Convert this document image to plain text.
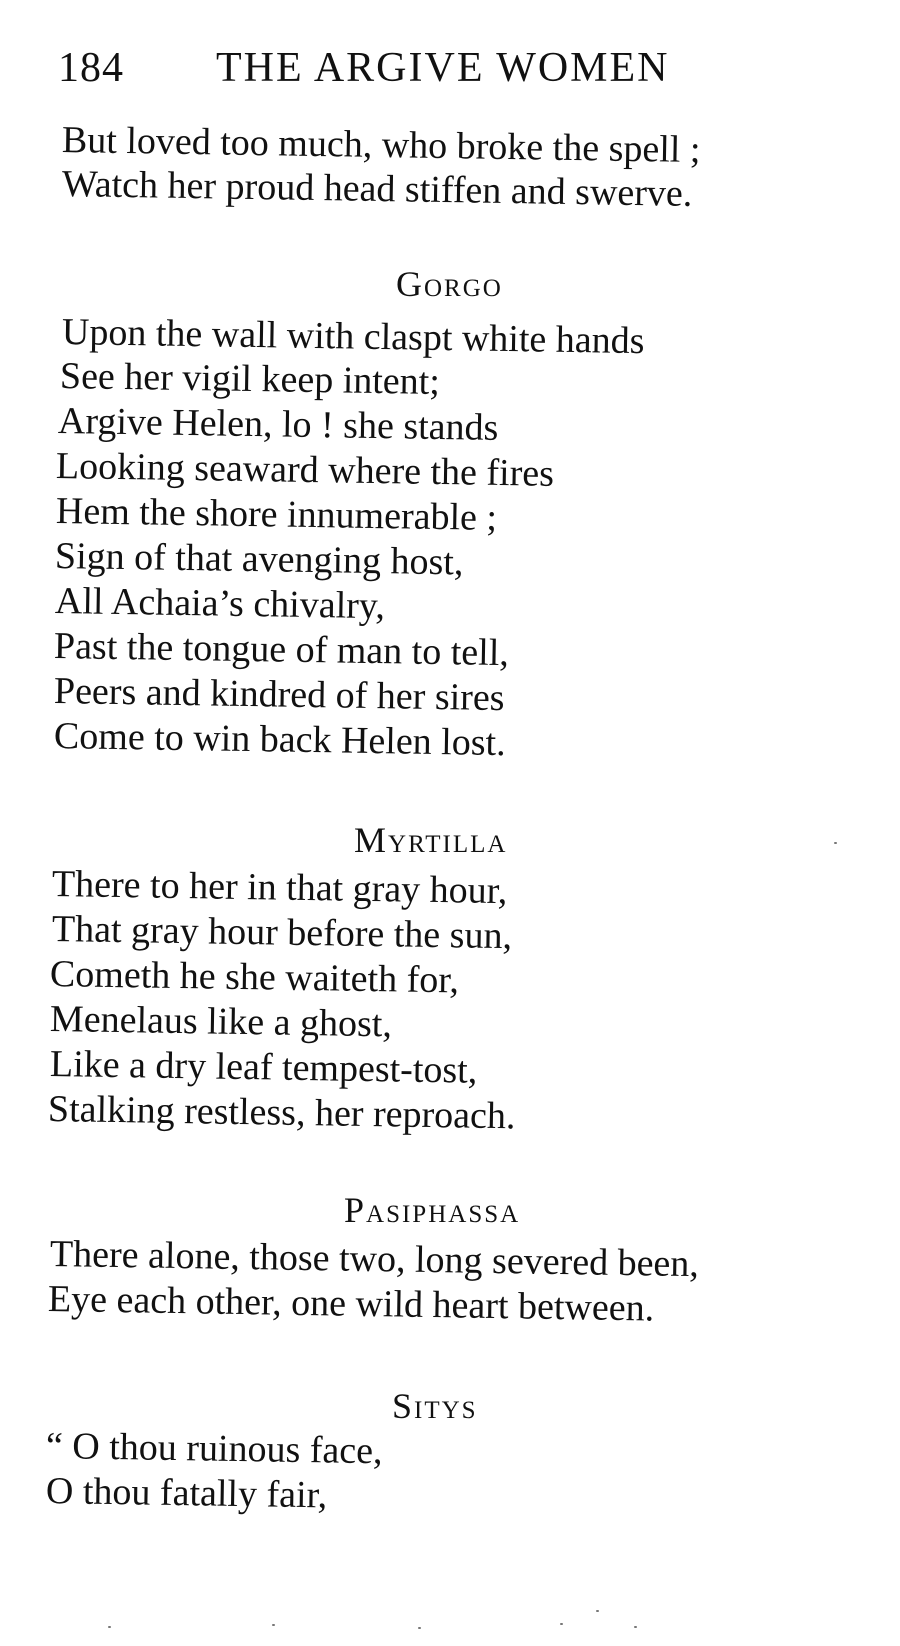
184 THE ARGIVE WOMEN
But loved too much, who broke the spell ;
Watch her proud head stiffen and swerve.
Gorgo
Upon the wall with claspt white hands
See her vigil keep intent;
Argive Helen, lo ! she stands
Looking seaward where the fires
Hem the shore innumerable ;
Sign of that avenging host,
All Achaia’s chivalry,
Past the tongue of man to tell,
Peers and kindred of her sires
Come to win back Helen lost.
Myrtilla
There to her in that gray hour,
That gray hour before the sun,
Cometh he she waiteth for,
Menelaus like a ghost,
Like a dry leaf tempest-tost,
Stalking restless, her reproach.
Pasiphassa
There alone, those two, long severed been,
Eye each other, one wild heart between.
Sitys
“ O thou ruinous face,
O thou fatally fair,
